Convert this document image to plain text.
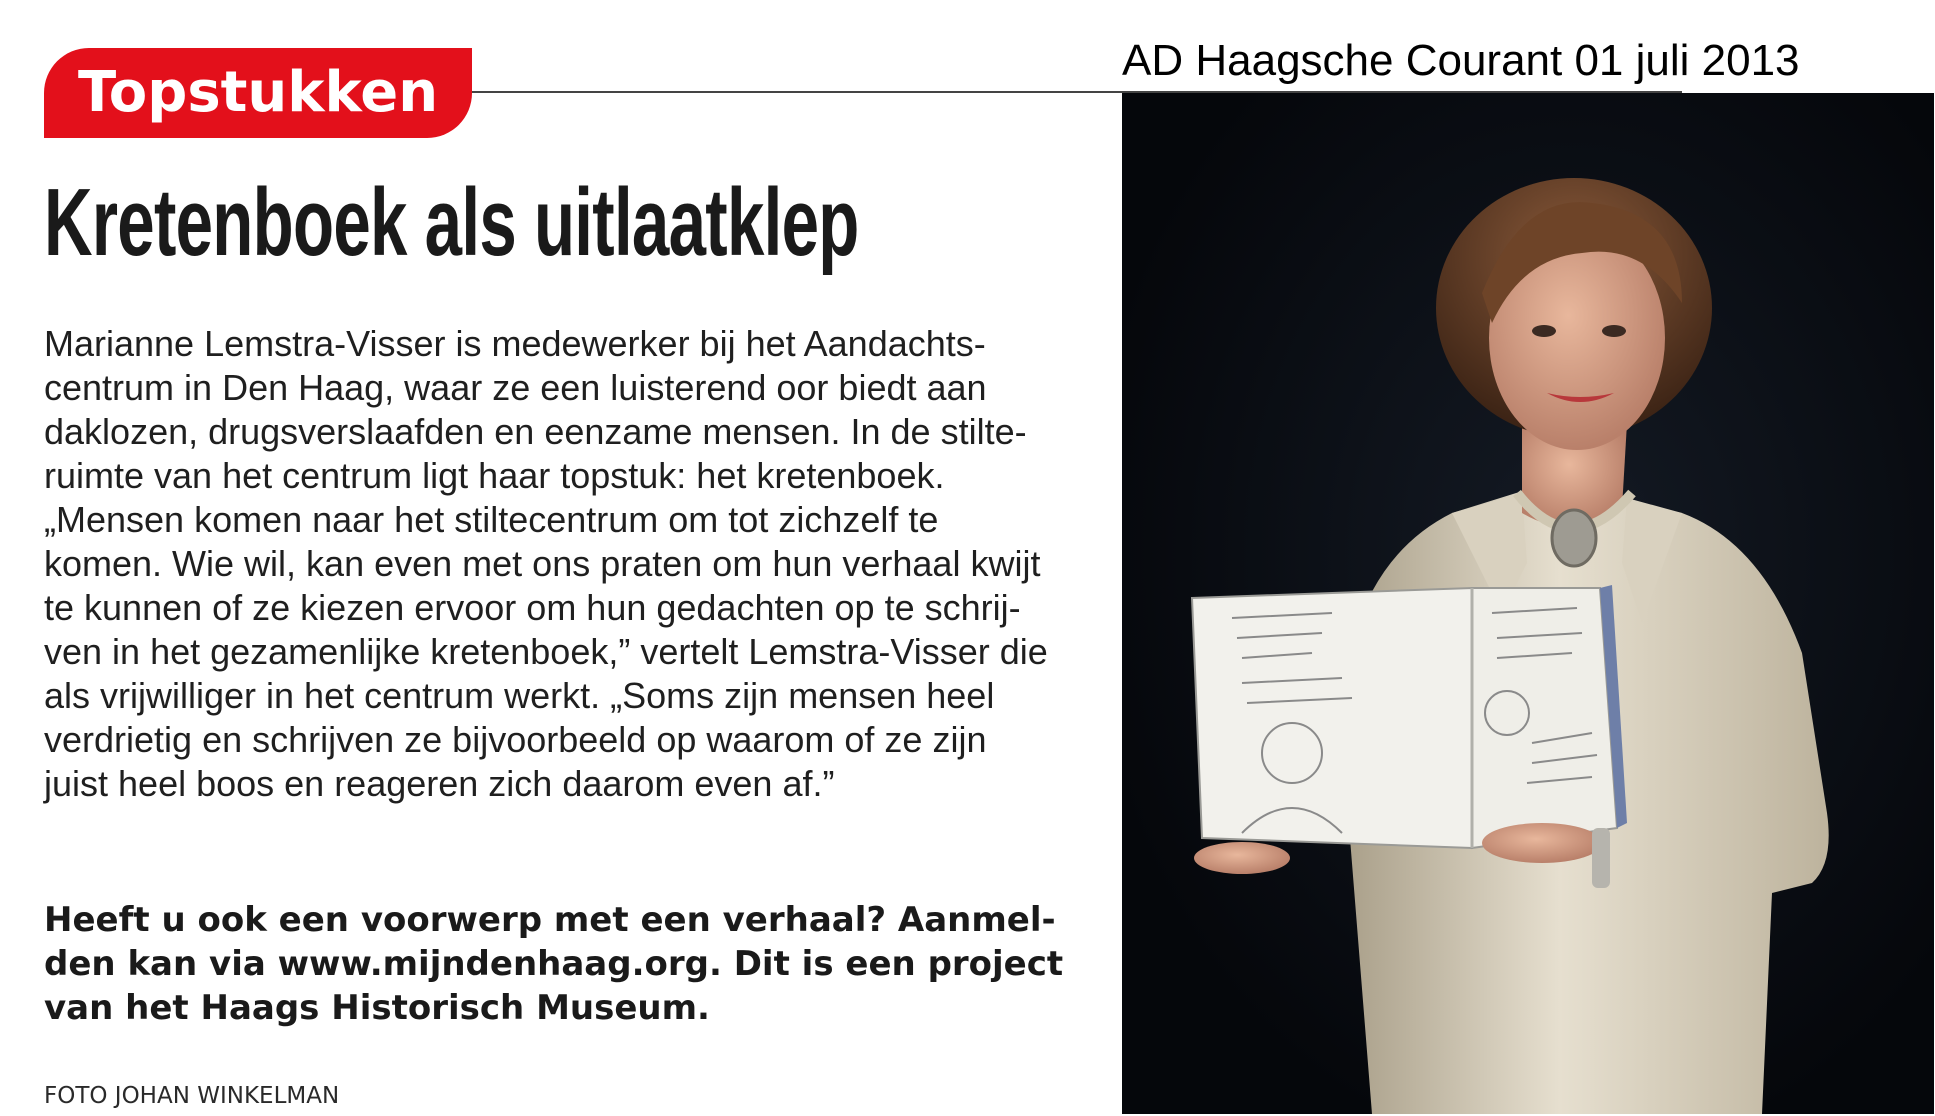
Topstukken	AD Haagsche Courant 01 juli 2013
Kretenboek als uitlaatklep
Marianne Lemstra-Visser is medewerker bij het Aandachts-
centrum in Den Haag, waar ze een luisterend oor biedt aan
daklozen, drugsverslaafden en eenzame mensen. In de stilte-
ruimte van het centrum ligt haar topstuk: het kretenboek.
„Mensen komen naar het stiltecentrum om tot zichzelf te
komen. Wie wil, kan even met ons praten om hun verhaal kwijt
te kunnen of ze kiezen ervoor om hun gedachten op te schrij-
ven in het gezamenlijke kretenboek,” vertelt Lemstra-Visser die
als vrijwilliger in het centrum werkt. „Soms zijn mensen heel
verdrietig en schrijven ze bijvoorbeeld op waarom of ze zijn
juist heel boos en reageren zich daarom even af.”
Heeft u ook een voorwerp met een verhaal? Aanmel-
den kan via www.mijndenhaag.org. Dit is een project
van het Haags Historisch Museum.
FOTO JOHAN WINKELMAN
